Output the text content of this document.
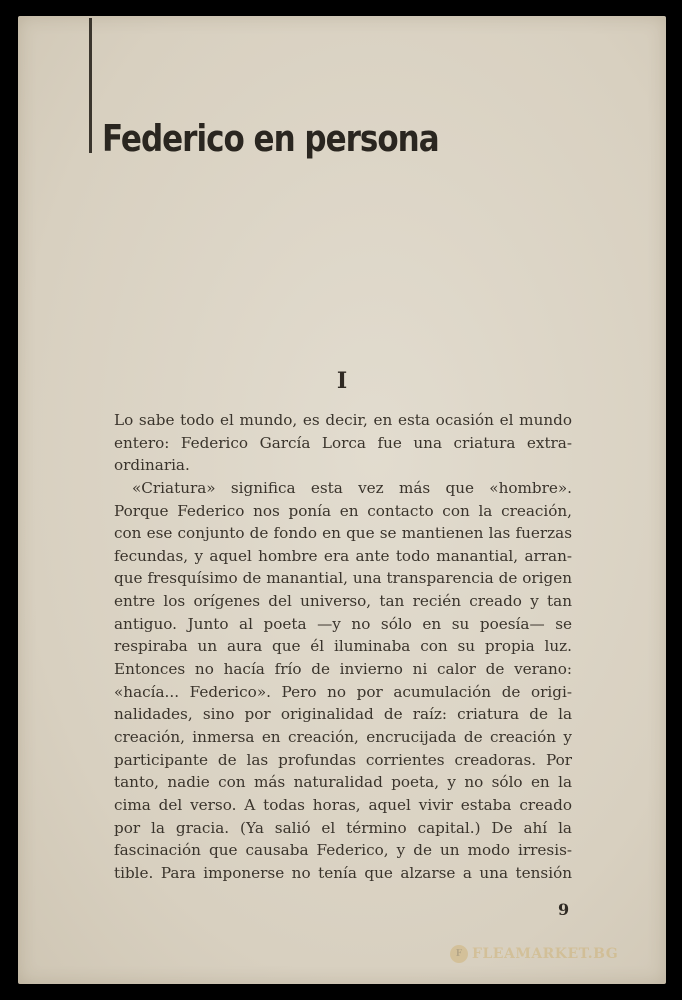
Federico en persona
I
Lo sabe todo el mundo, es decir, en esta ocasión el mundo
entero: Federico García Lorca fue una criatura extra-
ordinaria.
«Criatura» significa esta vez más que «hombre».
Porque Federico nos ponía en contacto con la creación,
con ese conjunto de fondo en que se mantienen las fuerzas
fecundas, y aquel hombre era ante todo manantial, arran-
que fresquísimo de manantial, una transparencia de origen
entre los orígenes del universo, tan recién creado y tan
antiguo. Junto al poeta —y no sólo en su poesía— se
respiraba un aura que él iluminaba con su propia luz.
Entonces no hacía frío de invierno ni calor de verano:
«hacía... Federico». Pero no por acumulación de origi-
nalidades, sino por originalidad de raíz: criatura de la
creación, inmersa en creación, encrucijada de creación y
participante de las profundas corrientes creadoras. Por
tanto, nadie con más naturalidad poeta, y no sólo en la
cima del verso. A todas horas, aquel vivir estaba creado
por la gracia. (Ya salió el término capital.) De ahí la
fascinación que causaba Federico, y de un modo irresis-
tible. Para imponerse no tenía que alzarse a una tensión
9
F FLEAMARKET.BG
